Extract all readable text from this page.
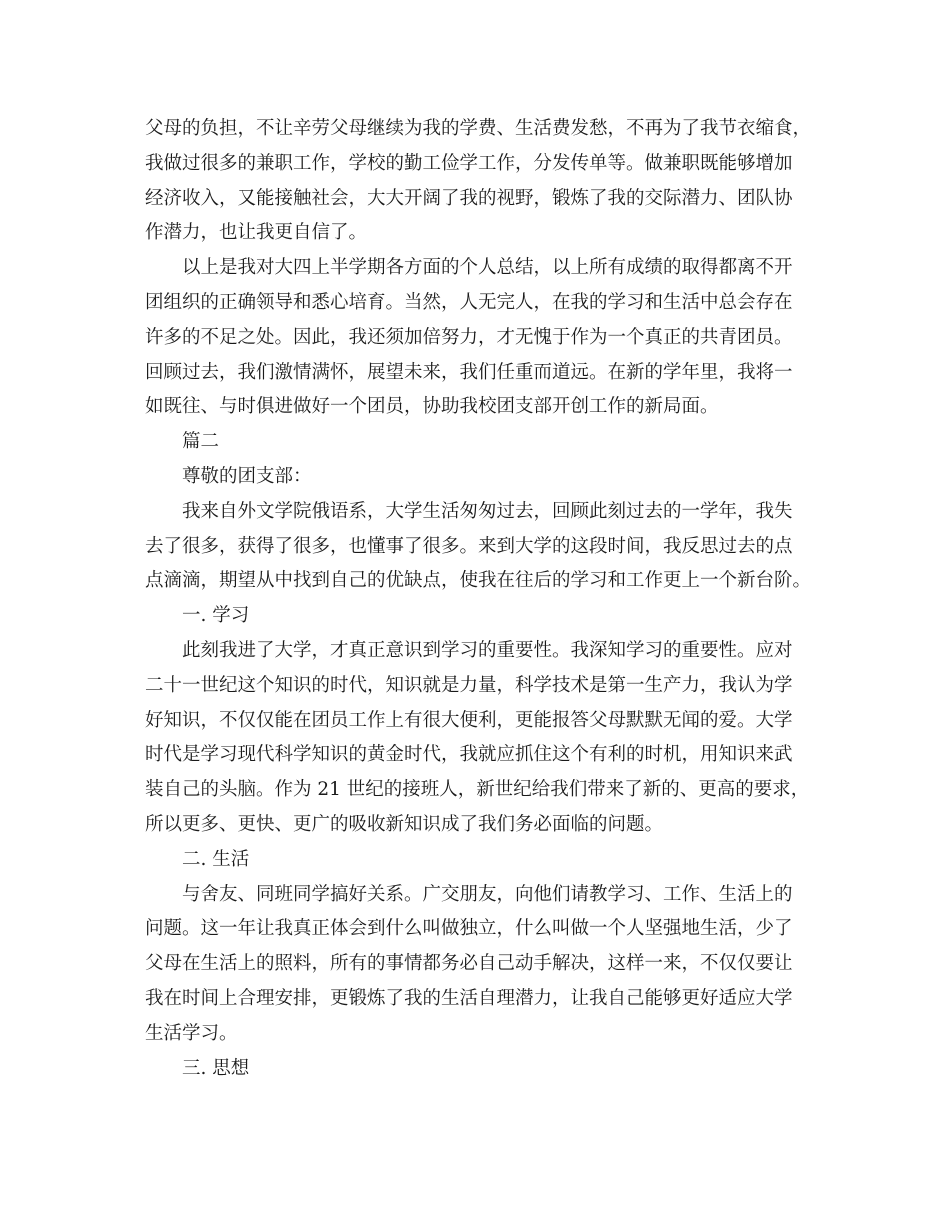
父母的负担，不让辛劳父母继续为我的学费、生活费发愁，不再为了我节衣缩食，
我做过很多的兼职工作，学校的勤工俭学工作，分发传单等。做兼职既能够增加
经济收入，又能接触社会，大大开阔了我的视野，锻炼了我的交际潜力、团队协
作潜力，也让我更自信了。
以上是我对大四上半学期各方面的个人总结，以上所有成绩的取得都离不开
团组织的正确领导和悉心培育。当然，人无完人，在我的学习和生活中总会存在
许多的不足之处。因此，我还须加倍努力，才无愧于作为一个真正的共青团员。
回顾过去，我们激情满怀，展望未来，我们任重而道远。在新的学年里，我将一
如既往、与时俱进做好一个团员，协助我校团支部开创工作的新局面。
篇二
尊敬的团支部：
我来自外文学院俄语系，大学生活匆匆过去，回顾此刻过去的一学年，我失
去了很多，获得了很多，也懂事了很多。来到大学的这段时间，我反思过去的点
点滴滴，期望从中找到自己的优缺点，使我在往后的学习和工作更上一个新台阶。
一. 学习
此刻我进了大学，才真正意识到学习的重要性。我深知学习的重要性。应对
二十一世纪这个知识的时代，知识就是力量，科学技术是第一生产力，我认为学
好知识，不仅仅能在团员工作上有很大便利，更能报答父母默默无闻的爱。大学
时代是学习现代科学知识的黄金时代，我就应抓住这个有利的时机，用知识来武
装自己的头脑。作为 21 世纪的接班人，新世纪给我们带来了新的、更高的要求，
所以更多、更快、更广的吸收新知识成了我们务必面临的问题。
二. 生活
与舍友、同班同学搞好关系。广交朋友，向他们请教学习、工作、生活上的
问题。这一年让我真正体会到什么叫做独立，什么叫做一个人坚强地生活，少了
父母在生活上的照料，所有的事情都务必自己动手解决，这样一来，不仅仅要让
我在时间上合理安排，更锻炼了我的生活自理潜力，让我自己能够更好适应大学
生活学习。
三. 思想
